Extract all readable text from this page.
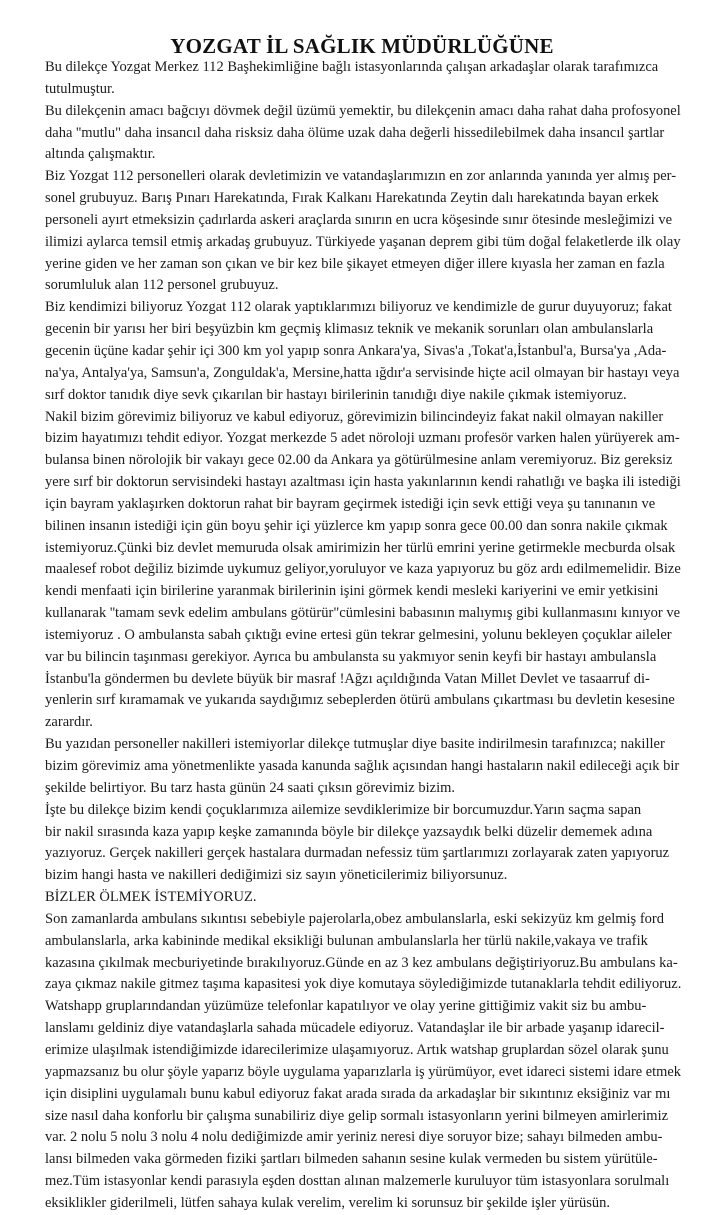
YOZGAT İL SAĞLIK MÜDÜRLÜĞÜNE
Bu dilekçe Yozgat Merkez 112 Başhekimliğine bağlı istasyonlarında çalışan arkadaşlar olarak tarafımızca
tutulmuştur.
Bu dilekçenin amacı bağcıyı dövmek değil üzümü yemektir, bu dilekçenin amacı daha rahat daha profosyonel
daha ''mutlu" daha insancıl daha risksiz daha ölüme uzak daha değerli hissedilebilmek daha insancıl şartlar
altında çalışmaktır.
Biz Yozgat 112 personelleri olarak devletimizin ve vatandaşlarımızın en zor anlarında yanında yer almış per-
sonel grubuyuz. Barış Pınarı Harekatında, Fırak Kalkanı Harekatında Zeytin dalı harekatında bayan erkek
personeli ayırt etmeksizin çadırlarda askeri araçlarda sınırın en ucra köşesinde sınır ötesinde mesleğimizi ve
ilimizi aylarca temsil etmiş arkadaş grubuyuz. Türkiyede yaşanan deprem gibi tüm doğal felaketlerde ilk olay
yerine giden ve her zaman son çıkan ve bir kez bile şikayet etmeyen diğer illere kıyasla her zaman en fazla
sorumluluk alan 112 personel grubuyuz.
Biz kendimizi biliyoruz Yozgat 112 olarak yaptıklarımızı biliyoruz ve kendimizle de gurur duyuyoruz; fakat
gecenin bir yarısı her biri beşyüzbin km geçmiş klimasız teknik ve mekanik sorunları olan ambulanslarla
gecenin üçüne kadar şehir içi 300 km yol yapıp sonra Ankara'ya, Sivas'a ,Tokat'a,İstanbul'a, Bursa'ya ,Ada-
na'ya, Antalya'ya, Samsun'a, Zonguldak'a, Mersine,hatta ığdır'a servisinde hiçte acil olmayan bir hastayı veya
sırf doktor tanıdık diye sevk çıkarılan bir hastayı birilerinin tanıdığı diye nakile çıkmak istemiyoruz.
Nakil bizim görevimiz biliyoruz ve kabul ediyoruz, görevimizin bilincindeyiz fakat nakil olmayan nakiller
bizim hayatımızı tehdit ediyor. Yozgat merkezde 5 adet nöroloji uzmanı profesör varken halen yürüyerek am-
bulansa binen nörolojik bir vakayı gece 02.00 da Ankara ya götürülmesine anlam veremiyoruz. Biz gereksiz
yere sırf bir doktorun servisindeki hastayı azaltması için hasta yakınlarının kendi rahatlığı ve başka ili istediği
için bayram yaklaşırken doktorun rahat bir bayram geçirmek istediği için sevk ettiği veya şu tanınanın ve
bilinen insanın istediği için gün boyu şehir içi yüzlerce km yapıp sonra gece 00.00 dan sonra nakile çıkmak
istemiyoruz.Çünki biz devlet memuruda olsak amirimizin her türlü emrini yerine getirmekle mecburda olsak
maalesef robot değiliz bizimde uykumuz geliyor,yoruluyor ve kaza yapıyoruz bu göz ardı edilmemelidir. Bize
kendi menfaati için birilerine yaranmak birilerinin işini görmek kendi mesleki kariyerini ve emir yetkisini
kullanarak ''tamam sevk edelim ambulans götürür"cümlesini babasının malıymış gibi kullanmasını kınıyor ve
istemiyoruz . O ambulansta sabah çıktığı evine ertesi gün tekrar gelmesini, yolunu bekleyen çoçuklar aileler
var bu bilincin taşınması gerekiyor. Ayrıca bu ambulansta su yakmıyor senin keyfi bir hastayı ambulansla
İstanbu'la göndermen bu devlete büyük bir masraf !Ağzı açıldığında Vatan Millet Devlet ve tasaarruf di-
yenlerin sırf kıramamak ve yukarıda saydığımız sebeplerden ötürü ambulans çıkartması bu devletin kesesine
zarardır.
Bu yazıdan personeller nakilleri istemiyorlar dilekçe tutmuşlar diye basite indirilmesin tarafınızca; nakiller
bizim görevimiz ama yönetmenlikte yasada kanunda sağlık açısından hangi hastaların nakil edileceği açık bir
şekilde belirtiyor. Bu tarz hasta günün 24 saati çıksın görevimiz bizim.
İşte bu dilekçe bizim kendi çoçuklarımıza ailemize sevdiklerimize bir borcumuzdur.Yarın saçma sapan
bir nakil sırasında kaza yapıp keşke zamanında böyle bir dilekçe yazsaydık belki düzelir dememek adına
yazıyoruz. Gerçek nakilleri gerçek hastalara durmadan nefessiz tüm şartlarımızı zorlayarak zaten yapıyoruz
bizim hangi hasta ve nakilleri dediğimizi siz sayın yöneticilerimiz biliyorsunuz.
BİZLER ÖLMEK İSTEMİYORUZ.
Son zamanlarda ambulans sıkıntısı sebebiyle pajerolarla,obez ambulanslarla, eski sekizyüz km gelmiş ford
ambulanslarla, arka kabininde medikal eksikliği bulunan ambulanslarla her türlü nakile,vakaya ve trafik
kazasına çıkılmak mecburiyetinde bırakılıyoruz.Günde en az 3 kez ambulans değiştiriyoruz.Bu ambulans ka-
zaya çıkmaz nakile gitmez taşıma kapasitesi yok diye komutaya söylediğimizde tutanaklarla tehdit ediliyoruz.
Watshapp gruplarındandan yüzümüze telefonlar kapatılıyor ve olay yerine gittiğimiz vakit siz bu ambu-
lanslamı geldiniz diye vatandaşlarla sahada mücadele ediyoruz. Vatandaşlar ile bir arbade yaşanıp idarecil-
erimize ulaşılmak istendiğimizde idarecilerimize ulaşamıyoruz. Artık watshap gruplardan sözel olarak şunu
yapmazsanız bu olur şöyle yaparız böyle uygulama yaparızlarla iş yürümüyor, evet idareci sistemi idare etmek
için disiplini uygulamalı bunu kabul ediyoruz fakat arada sırada da arkadaşlar bir sıkıntınız eksiğiniz var mı
size nasıl daha konforlu bir çalışma sunabiliriz diye gelip sormalı istasyonların yerini bilmeyen amirlerimiz
var. 2 nolu 5 nolu 3 nolu 4 nolu dediğimizde amir yeriniz neresi diye soruyor bize; sahayı bilmeden ambu-
lansı bilmeden vaka görmeden fiziki şartları bilmeden sahanın sesine kulak vermeden bu sistem yürütüle-
mez.Tüm istasyonlar kendi parasıyla eşden dosttan alınan malzemerle kuruluyor tüm istasyonlara sorulmalı
eksiklikler giderilmeli, lütfen sahaya kulak verelim, verelim ki sorunsuz bir şekilde işler yürüsün.
